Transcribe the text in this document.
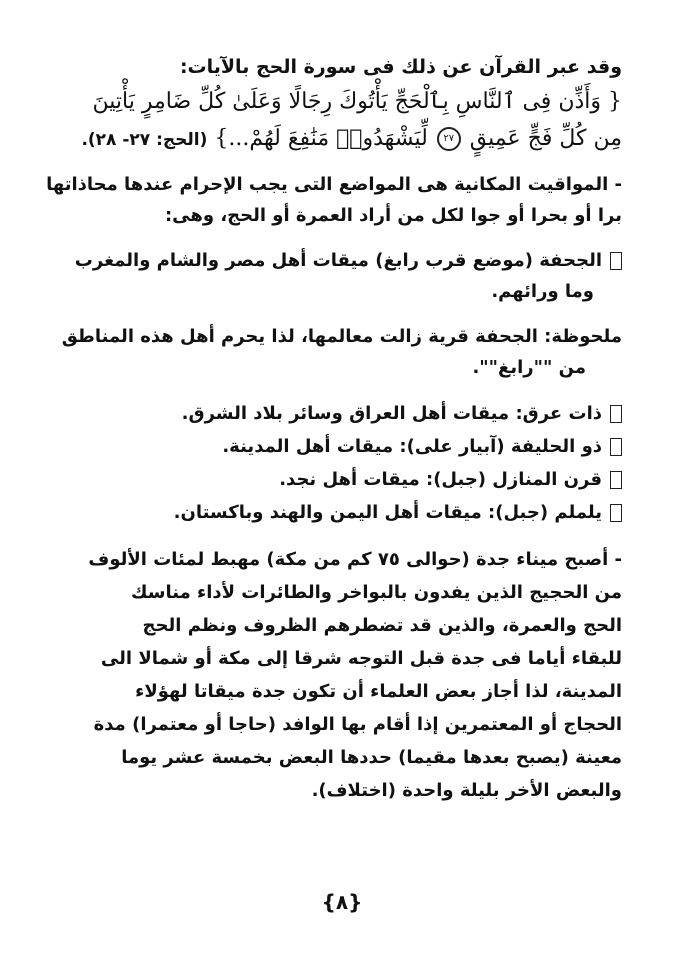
وقد عبر القرآن عن ذلك فى سورة الحج بالآيات:
{ وَأَذِّن فِى ٱلنَّاسِ بِٱلْحَجِّ يَأْتُوكَ رِجَالًا وَعَلَىٰ كُلِّ ضَامِرٍ يَأْتِينَ
مِن كُلِّ فَجٍّ عَمِيقٍ ٢٧ لِّيَشْهَدُوا۟ مَنَٰفِعَ لَهُمْ...} (الحج: ٢٧- ٢٨).
- المواقيت المكانية هى المواضع التى يجب الإحرام عندها محاذاتها
برا أو بحرا أو جوا لكل من أراد العمرة أو الحج، وهى:
الجحفة (موضع قرب رابغ) ميقات أهل مصر والشام والمغرب
وما ورائهم.
ملحوظة: الجحفة قرية زالت معالمها، لذا يحرم أهل هذه المناطق
من ""رابغ"".
ذات عرق: ميقات أهل العراق وسائر بلاد الشرق.
ذو الحليفة (آبيار على): ميقات أهل المدينة.
قرن المنازل (جبل): ميقات أهل نجد.
يلملم (جبل): ميقات أهل اليمن والهند وباكستان.
- أصبح ميناء جدة (حوالى ٧٥ كم من مكة) مهبط لمئات الألوف
من الحجيج الذين يفدون بالبواخر والطائرات لأداء مناسك
الحج والعمرة، والذين قد تضطرهم الظروف ونظم الحج
للبقاء أياما فى جدة قبل التوجه شرقا إلى مكة أو شمالا الى
المدينة، لذا أجاز بعض العلماء أن تكون جدة ميقاتا لهؤلاء
الحجاج أو المعتمرين إذا أقام بها الوافد (حاجا أو معتمرا) مدة
معينة (يصبح بعدها مقيما) حددها البعض بخمسة عشر يوما
والبعض الأخر بليلة واحدة (اختلاف).
{٨}
